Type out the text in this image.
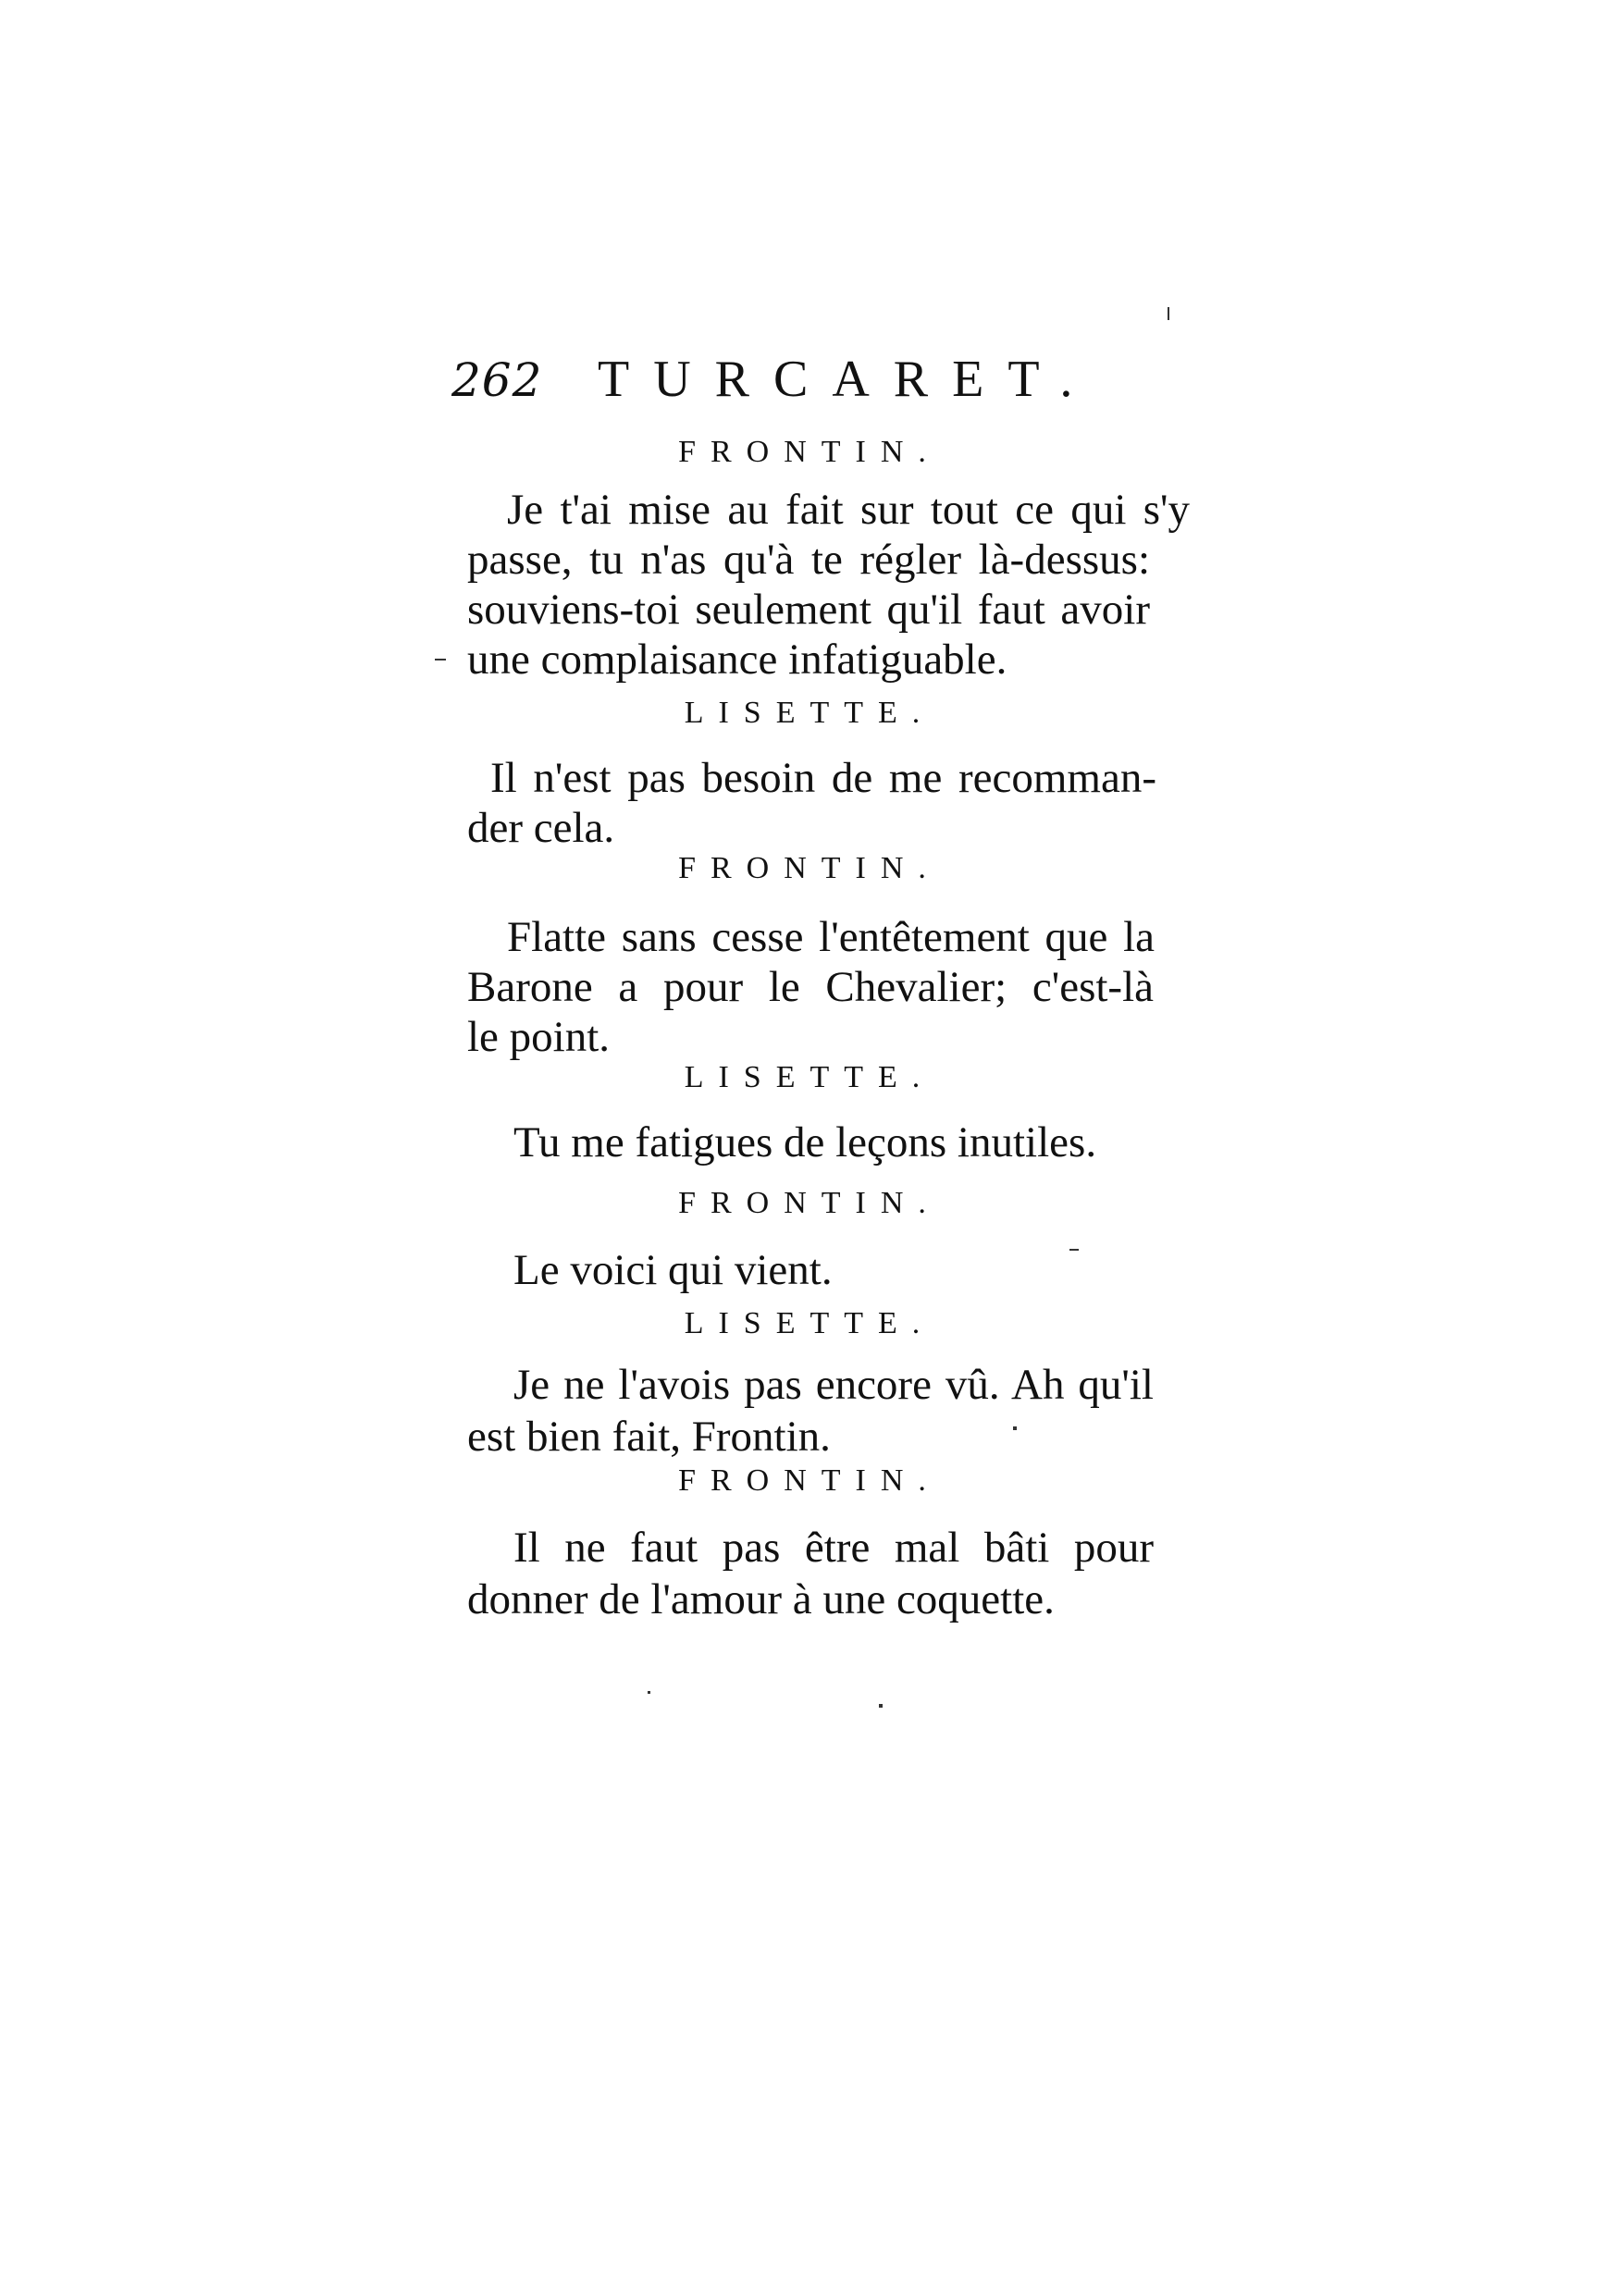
262 TURCARET.
FRONTIN.
Je t'ai mise au fait sur tout ce qui s'y
passe, tu n'as qu'à te régler là-dessus:
souviens-toi seulement qu'il faut avoir
une complaisance infatiguable.
LISETTE.
Il n'est pas besoin de me recomman-
der cela.
FRONTIN.
Flatte sans cesse l'entêtement que la
Barone a pour le Chevalier; c'est-là
le point.
LISETTE.
Tu me fatigues de leçons inutiles.
FRONTIN.
Le voici qui vient.
LISETTE.
Je ne l'avois pas encore vû. Ah qu'il
est bien fait, Frontin.
FRONTIN.
Il ne faut pas être mal bâti pour
donner de l'amour à une coquette.
